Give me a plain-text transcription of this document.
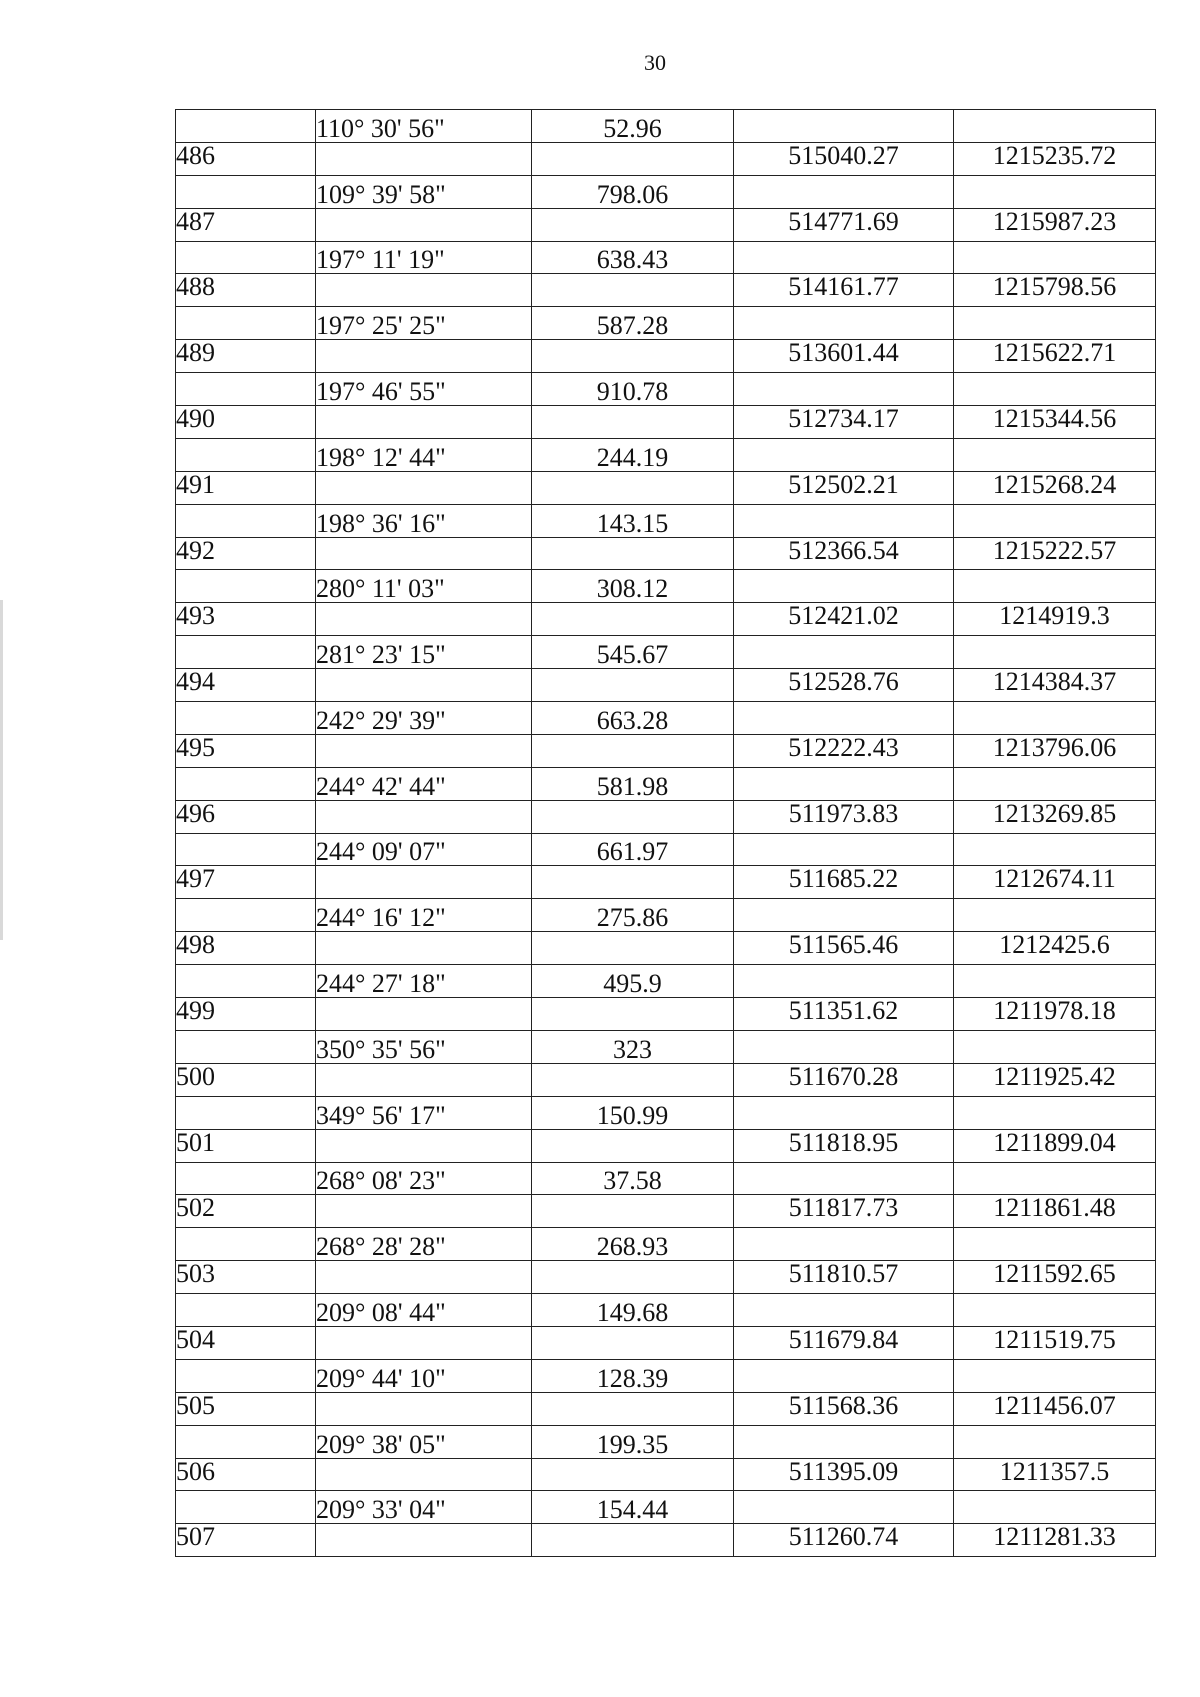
30
	110° 30' 56"	52.96		
486			515040.27	1215235.72
	109° 39' 58"	798.06		
487			514771.69	1215987.23
	197° 11' 19"	638.43		
488			514161.77	1215798.56
	197° 25' 25"	587.28		
489			513601.44	1215622.71
	197° 46' 55"	910.78		
490			512734.17	1215344.56
	198° 12' 44"	244.19		
491			512502.21	1215268.24
	198° 36' 16"	143.15		
492			512366.54	1215222.57
	280° 11' 03"	308.12		
493			512421.02	1214919.3
	281° 23' 15"	545.67		
494			512528.76	1214384.37
	242° 29' 39"	663.28		
495			512222.43	1213796.06
	244° 42' 44"	581.98		
496			511973.83	1213269.85
	244° 09' 07"	661.97		
497			511685.22	1212674.11
	244° 16' 12"	275.86		
498			511565.46	1212425.6
	244° 27' 18"	495.9		
499			511351.62	1211978.18
	350° 35' 56"	323		
500			511670.28	1211925.42
	349° 56' 17"	150.99		
501			511818.95	1211899.04
	268° 08' 23"	37.58		
502			511817.73	1211861.48
	268° 28' 28"	268.93		
503			511810.57	1211592.65
	209° 08' 44"	149.68		
504			511679.84	1211519.75
	209° 44' 10"	128.39		
505			511568.36	1211456.07
	209° 38' 05"	199.35		
506			511395.09	1211357.5
	209° 33' 04"	154.44		
507			511260.74	1211281.33
